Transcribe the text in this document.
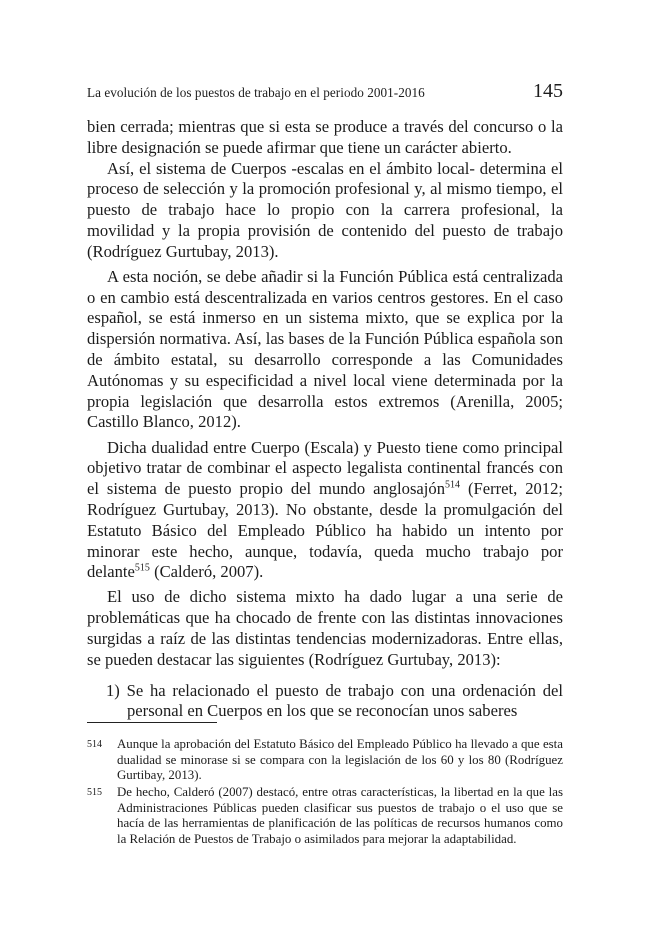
La evolución de los puestos de trabajo en el periodo 2001-2016	145

bien cerrada; mientras que si esta se produce a través del concurso o la libre designación se puede afirmar que tiene un carácter abierto.

Así, el sistema de Cuerpos -escalas en el ámbito local- determina el proceso de selección y la promoción profesional y, al mismo tiempo, el puesto de trabajo hace lo propio con la carrera profesional, la movilidad y la propia provisión de contenido del puesto de trabajo (Rodríguez Gurtubay, 2013).

A esta noción, se debe añadir si la Función Pública está centralizada o en cambio está descentralizada en varios centros gestores. En el caso español, se está inmerso en un sistema mixto, que se explica por la dispersión normativa. Así, las bases de la Función Pública española son de ámbito estatal, su desarrollo corresponde a las Comunidades Autónomas y su especificidad a nivel local viene determinada por la propia legislación que desarrolla estos extremos (Arenilla, 2005; Castillo Blanco, 2012).

Dicha dualidad entre Cuerpo (Escala) y Puesto tiene como principal objetivo tratar de combinar el aspecto legalista continental francés con el sistema de puesto propio del mundo anglosajón$^{514}$ (Ferret, 2012; Rodríguez Gurtubay, 2013). No obstante, desde la promulgación del Estatuto Básico del Empleado Público ha habido un intento por minorar este hecho, aunque, todavía, queda mucho trabajo por delante$^{515}$ (Calderó, 2007).

El uso de dicho sistema mixto ha dado lugar a una serie de problemáticas que ha chocado de frente con las distintas innovaciones surgidas a raíz de las distintas tendencias modernizadoras. Entre ellas, se pueden destacar las siguientes (Rodríguez Gurtubay, 2013):

1) Se ha relacionado el puesto de trabajo con una ordenación del personal en Cuerpos en los que se reconocían unos saberes

514 Aunque la aprobación del Estatuto Básico del Empleado Público ha llevado a que esta dualidad se minorase si se compara con la legislación de los 60 y los 80 (Rodríguez Gurtibay, 2013).

515 De hecho, Calderó (2007) destacó, entre otras características, la libertad en la que las Administraciones Públicas pueden clasificar sus puestos de trabajo o el uso que se hacía de las herramientas de planificación de las políticas de recursos humanos como la Relación de Puestos de Trabajo o asimilados para mejorar la adaptabilidad.
